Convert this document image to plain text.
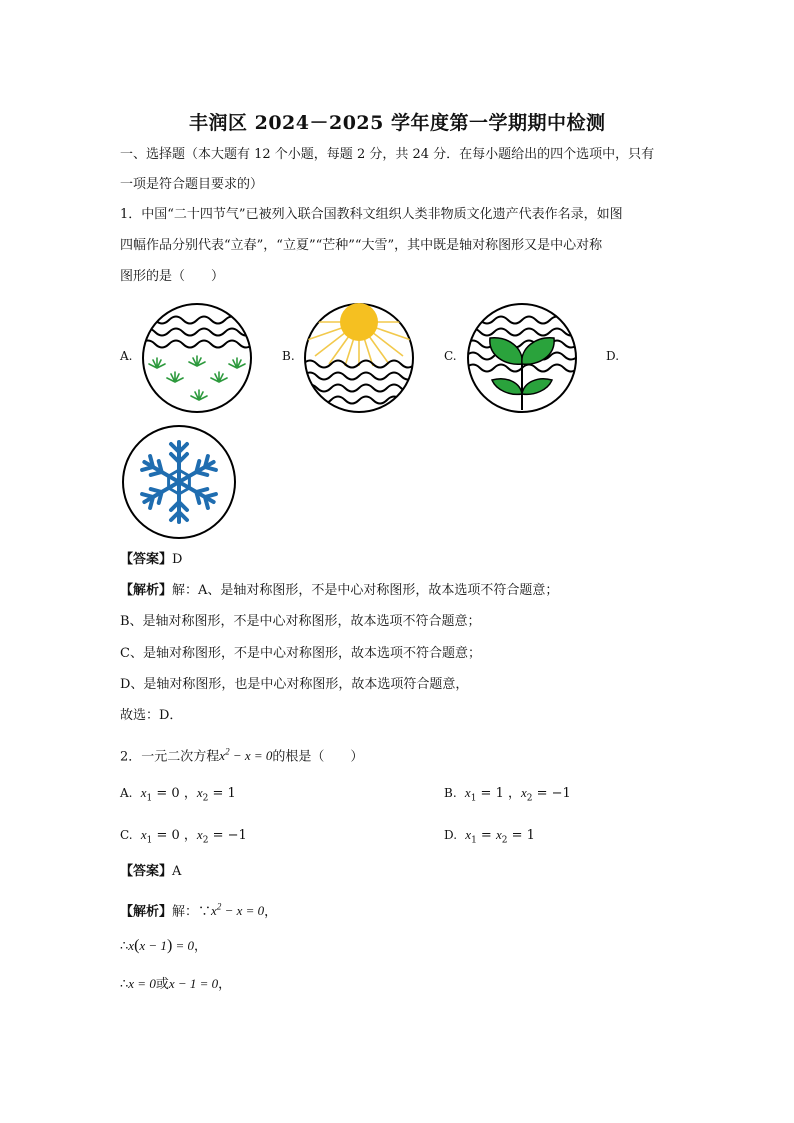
丰润区 2024－2025 学年度第一学期期中检测
一、选择题（本大题有 12 个小题，每题 2 分，共 24 分．在每小题给出的四个选项中，只有
一项是符合题目要求的）
1．中国“二十四节气”已被列入联合国教科文组织人类非物质文化遗产代表作名录，如图
四幅作品分别代表“立春”，“立夏”“芒种”“大雪”，其中既是轴对称图形又是中心对称
图形的是（　　）
A.	B.	C.	D.
【答案】D
【解析】解：A、是轴对称图形，不是中心对称图形，故本选项不符合题意；
B、是轴对称图形，不是中心对称图形，故本选项不符合题意；
C、是轴对称图形，不是中心对称图形，故本选项不符合题意；
D、是轴对称图形，也是中心对称图形，故本选项符合题意，
故选：D．
2．一元二次方程$x^2 - x = 0$的根是（　　）
A. $x_1 = 0$ ，$x_2 = 1$	B. $x_1 = 1$ ，$x_2 = -1$
C. $x_1 = 0$ ，$x_2 = -1$	D. $x_1 = x_2 = 1$
【答案】A
【解析】解：$\because x^2 - x = 0$，
∴x(x − 1) = 0，
∴x = 0或x − 1 = 0，
